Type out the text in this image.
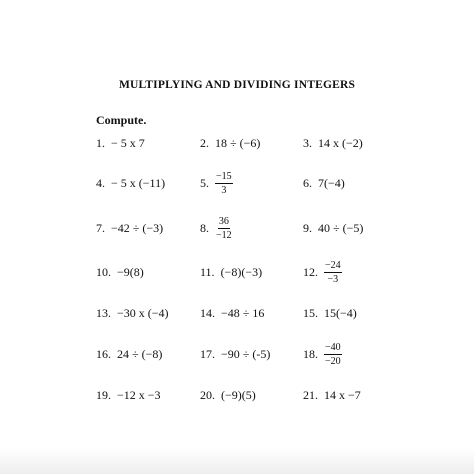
MULTIPLYING AND DIVIDING INTEGERS
Compute.
1. − 5 x 7	2. 18 ÷ (−6)	3. 14 x (−2)
4. − 5 x (−11)	5. $\frac{-15}{3}$	6. 7(−4)
7. −42 ÷ (−3)	8. $\frac{36}{-12}$	9. 40 ÷ (−5)
10. −9(8)	11. (−8)(−3)	12. $\frac{-24}{-3}$
13. −30 x (−4)	14. −48 ÷ 16	15. 15(−4)
16. 24 ÷ (−8)	17. −90 ÷ (-5)	18. $\frac{-40}{-20}$
19. −12 x −3	20. (−9)(5)	21. 14 x −7
